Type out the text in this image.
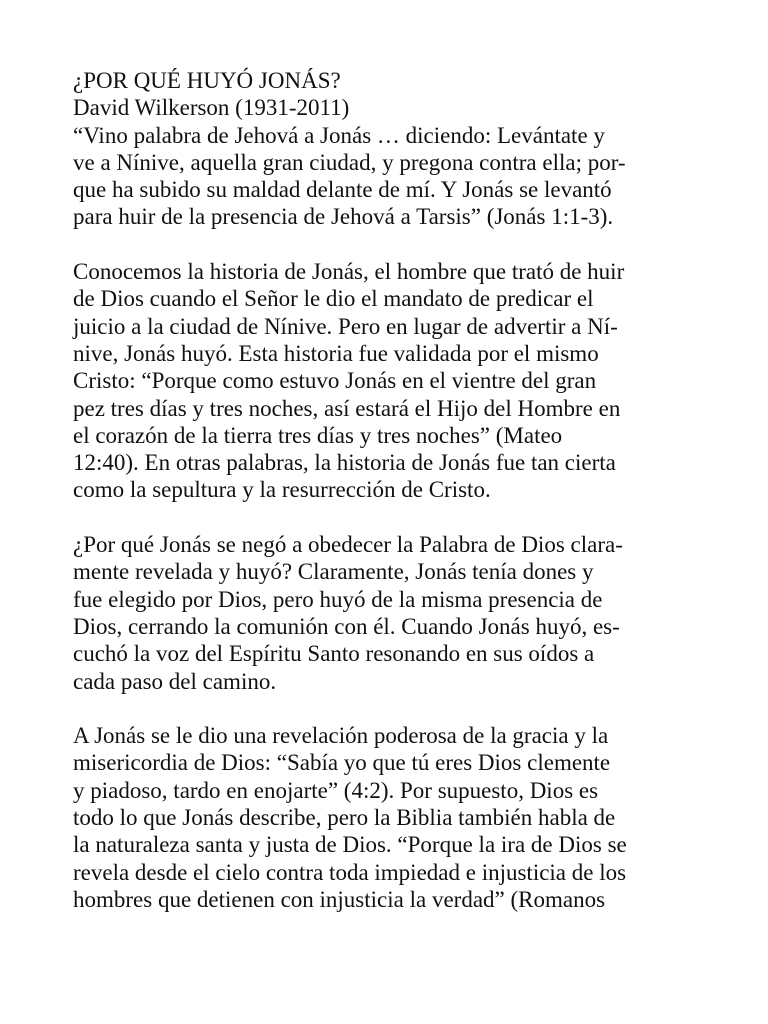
¿POR QUÉ HUYÓ JONÁS?
David Wilkerson (1931-2011)
“Vino palabra de Jehová a Jonás … diciendo: Levántate y
ve a Nínive, aquella gran ciudad, y pregona contra ella; por-
que ha subido su maldad delante de mí. Y Jonás se levantó
para huir de la presencia de Jehová a Tarsis” (Jonás 1:1-3).
Conocemos la historia de Jonás, el hombre que trató de huir
de Dios cuando el Señor le dio el mandato de predicar el
juicio a la ciudad de Nínive. Pero en lugar de advertir a Ní-
nive, Jonás huyó. Esta historia fue validada por el mismo
Cristo: “Porque como estuvo Jonás en el vientre del gran
pez tres días y tres noches, así estará el Hijo del Hombre en
el corazón de la tierra tres días y tres noches” (Mateo
12:40). En otras palabras, la historia de Jonás fue tan cierta
como la sepultura y la resurrección de Cristo.
¿Por qué Jonás se negó a obedecer la Palabra de Dios clara-
mente revelada y huyó? Claramente, Jonás tenía dones y
fue elegido por Dios, pero huyó de la misma presencia de
Dios, cerrando la comunión con él. Cuando Jonás huyó, es-
cuchó la voz del Espíritu Santo resonando en sus oídos a
cada paso del camino.
A Jonás se le dio una revelación poderosa de la gracia y la
misericordia de Dios: “Sabía yo que tú eres Dios clemente
y piadoso, tardo en enojarte” (4:2). Por supuesto, Dios es
todo lo que Jonás describe, pero la Biblia también habla de
la naturaleza santa y justa de Dios. “Porque la ira de Dios se
revela desde el cielo contra toda impiedad e injusticia de los
hombres que detienen con injusticia la verdad” (Romanos
